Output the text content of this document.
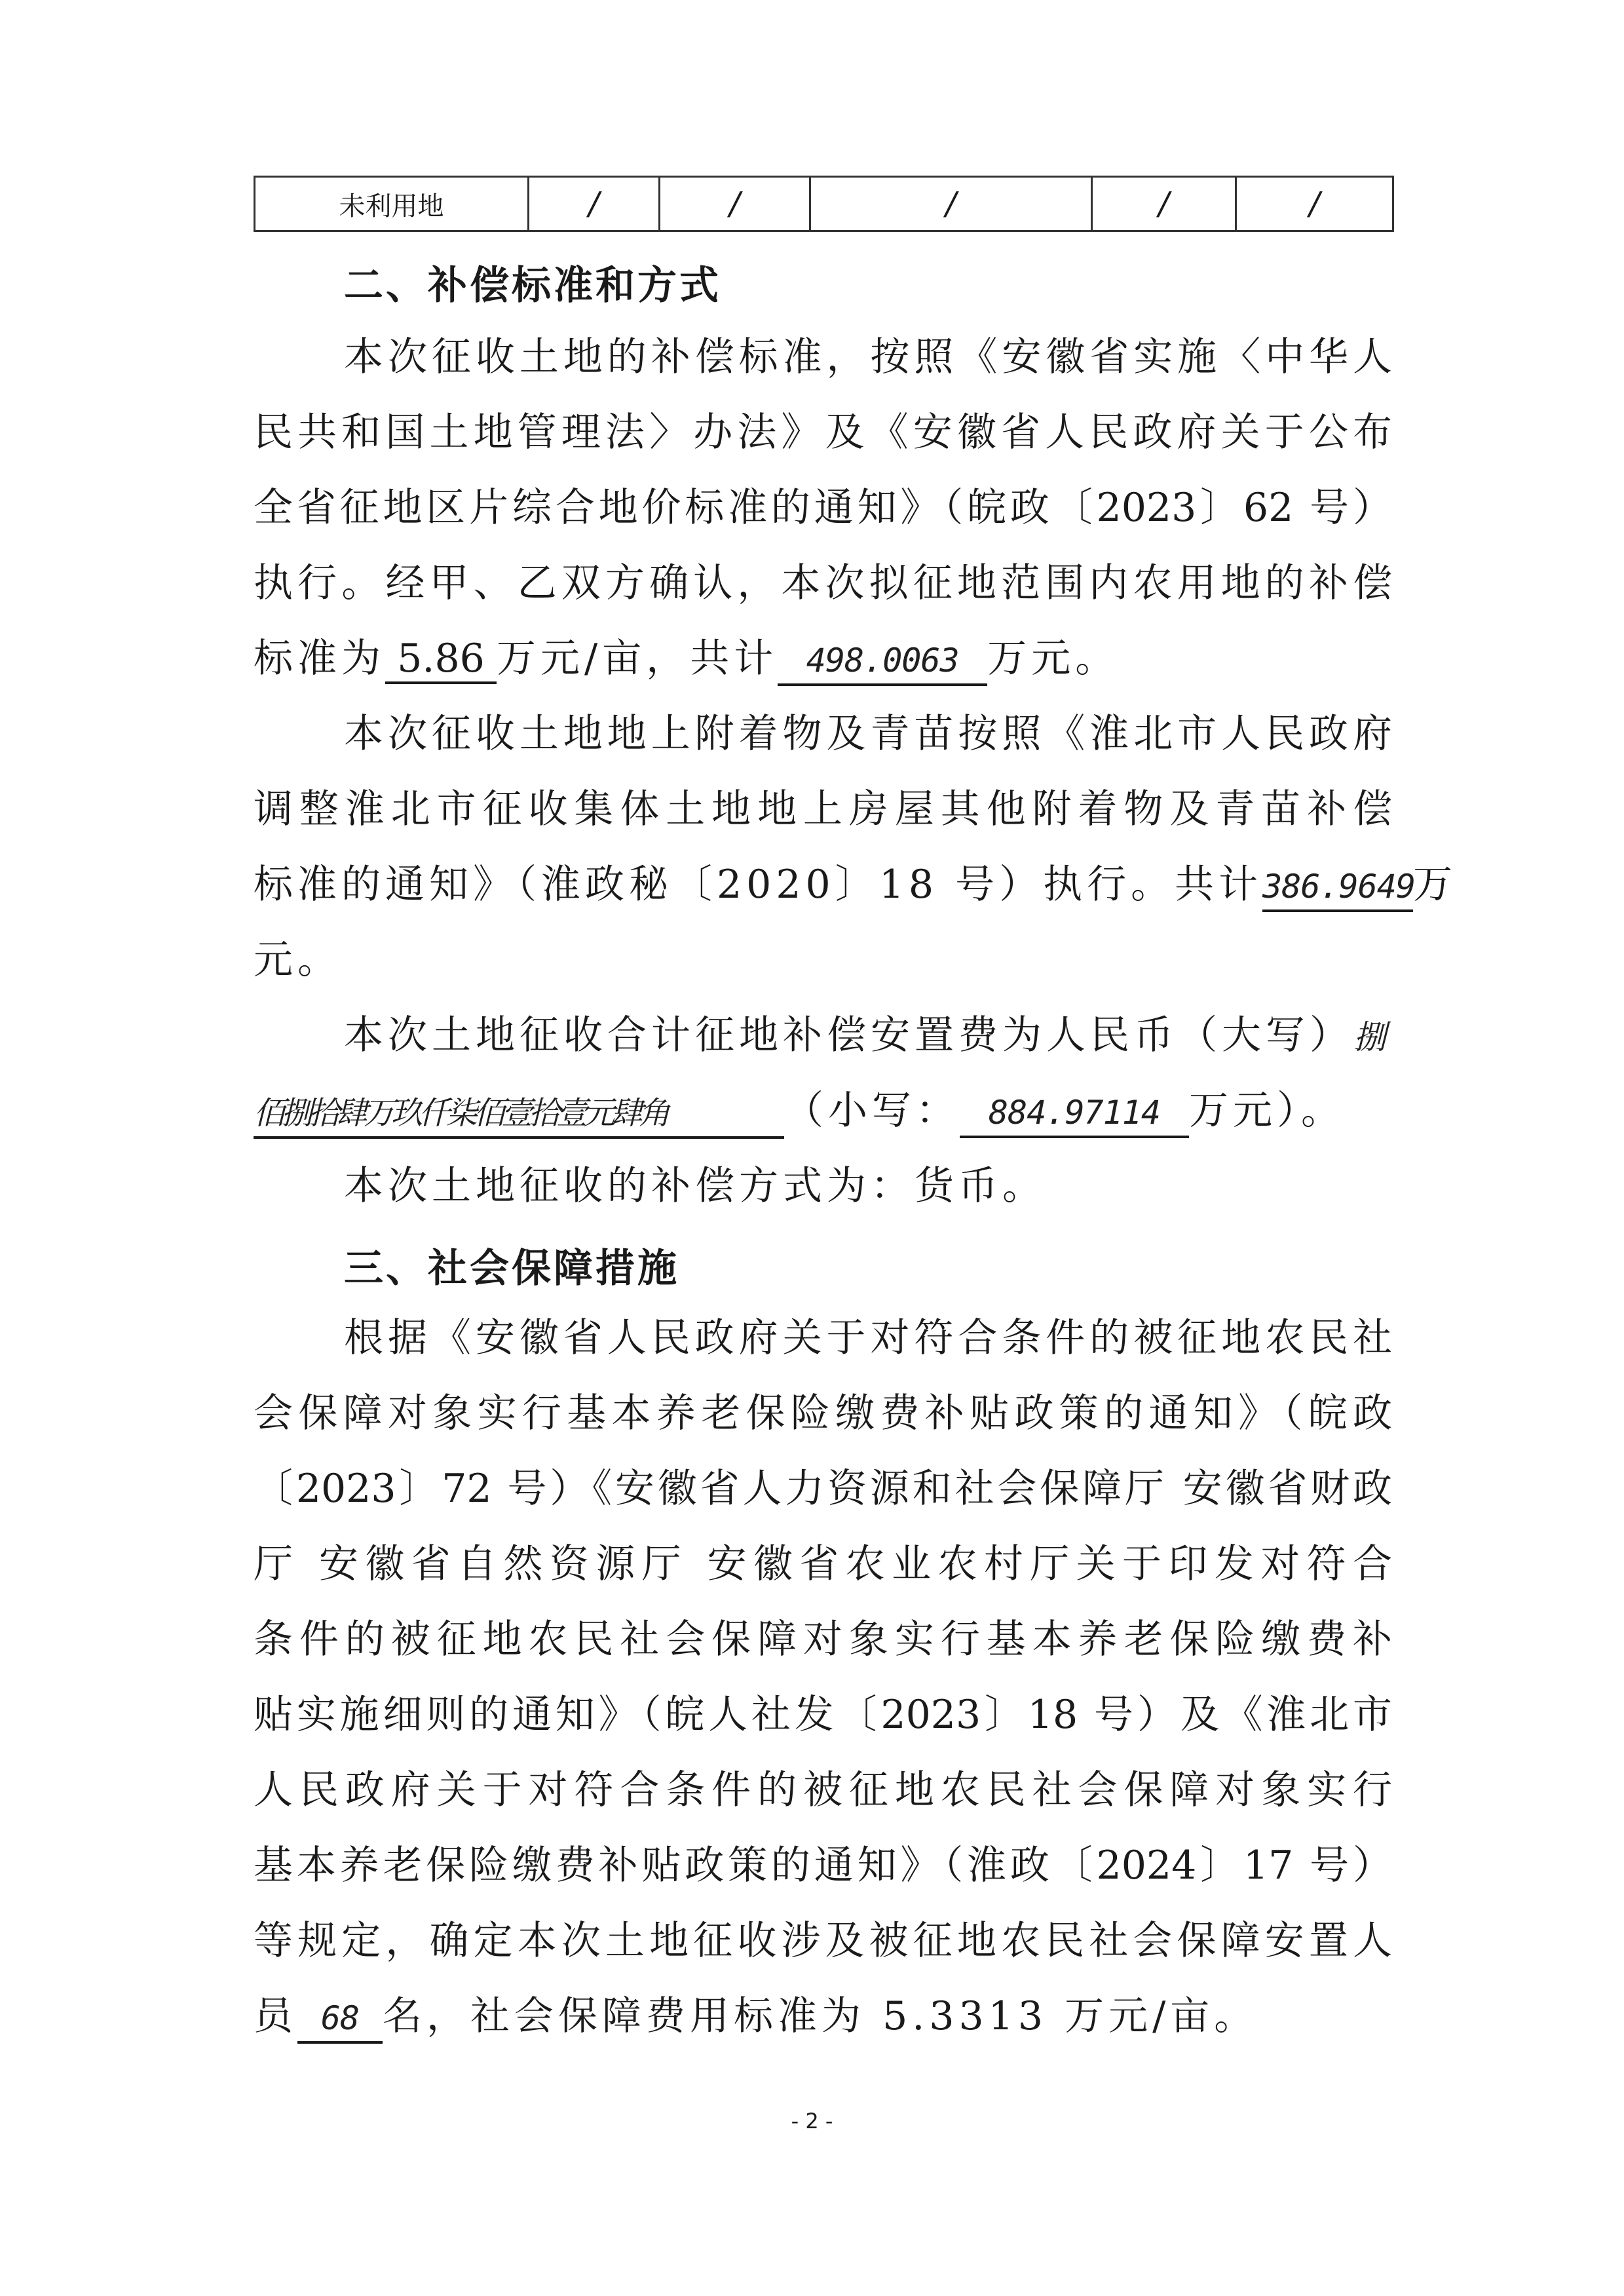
未利用地	/	/	/	/	/
二、补偿标准和方式
本次征收土地的补偿标准，按照《安徽省实施〈中华人
民共和国土地管理法〉办法》及《安徽省人民政府关于公布
全省征地区片综合地价标准的通知》（皖政〔2023〕62 号）
执行。经甲、乙双方确认，本次拟征地范围内农用地的补偿
标准为 5.86 万元/亩，共计 498.0063 万元。
本次征收土地地上附着物及青苗按照《淮北市人民政府
调整淮北市征收集体土地地上房屋其他附着物及青苗补偿
标准的通知》（淮政秘〔2020〕18 号）执行。共计386.9649万
元。
本次土地征收合计征地补偿安置费为人民币（大写）捌
佰捌拾肆万玖仟柒佰壹拾壹元肆角	（小写： 884.97114 万元）。
本次土地征收的补偿方式为：货币。
三、社会保障措施
根据《安徽省人民政府关于对符合条件的被征地农民社
会保障对象实行基本养老保险缴费补贴政策的通知》（皖政
〔2023〕72 号）《安徽省人力资源和社会保障厅 安徽省财政
厅 安徽省自然资源厅 安徽省农业农村厅关于印发对符合
条件的被征地农民社会保障对象实行基本养老保险缴费补
贴实施细则的通知》（皖人社发〔2023〕18 号）及《淮北市
人民政府关于对符合条件的被征地农民社会保障对象实行
基本养老保险缴费补贴政策的通知》（淮政〔2024〕17 号）
等规定，确定本次土地征收涉及被征地农民社会保障安置人
员 68 名，社会保障费用标准为 5.3313 万元/亩。
- 2 -
